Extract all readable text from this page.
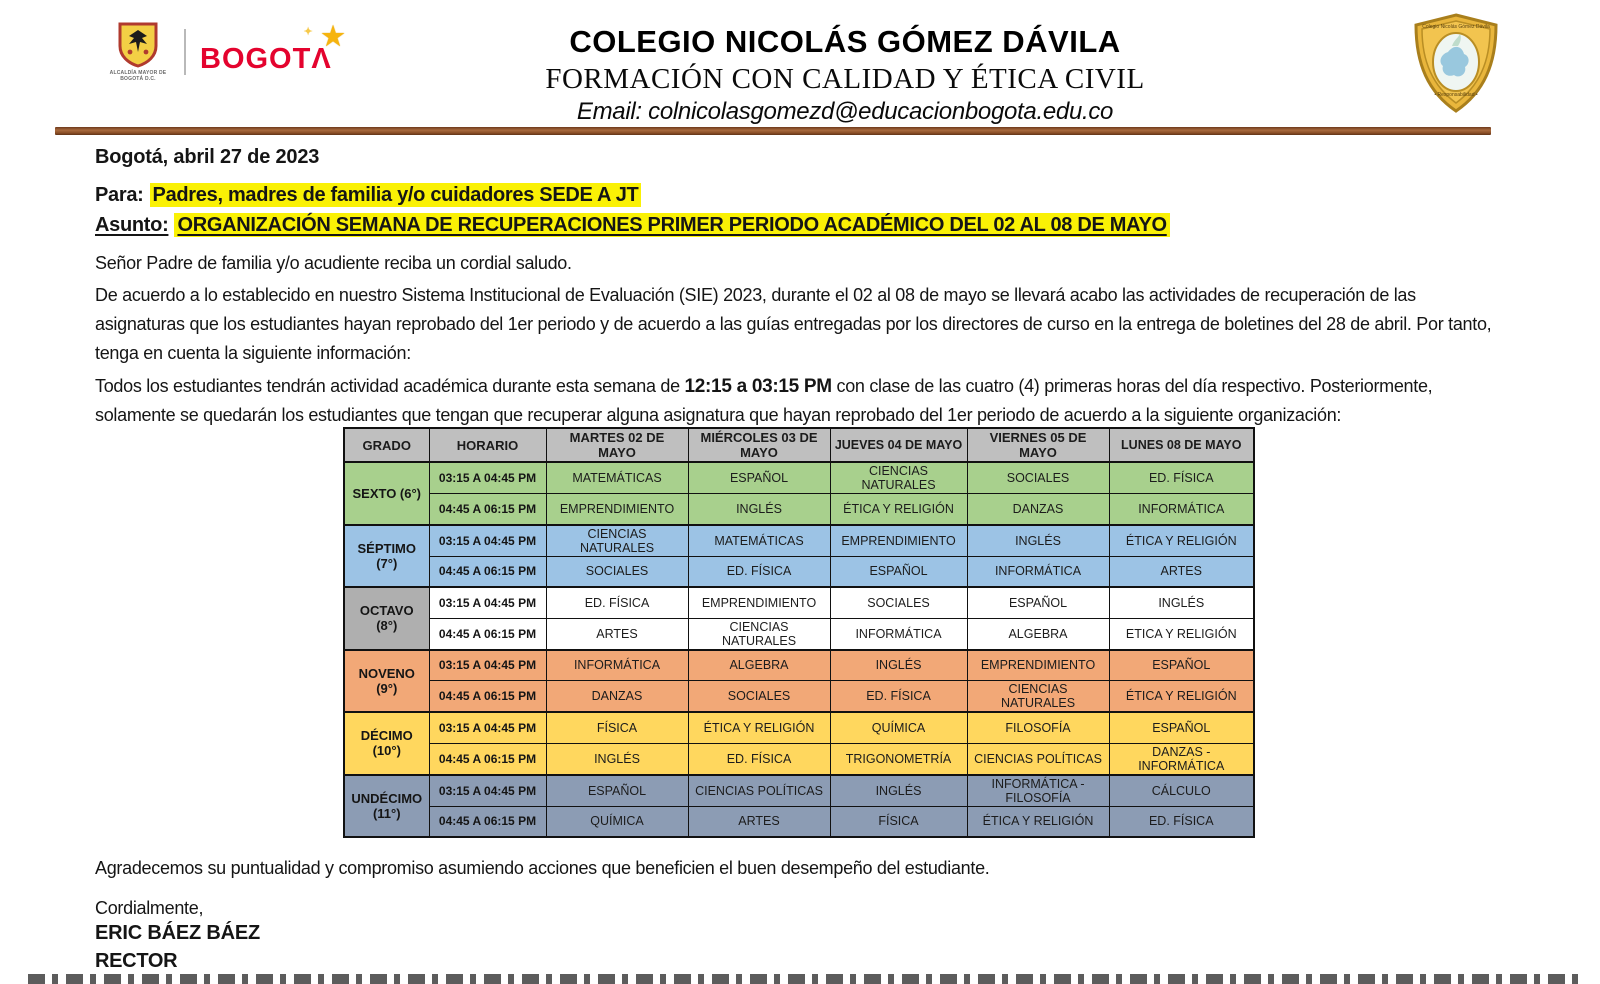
ALCALDÍA MAYOR DE BOGOTÁ D.C.
BOGOTΛ
★
✦	COLEGIO NICOLÁS GÓMEZ DÁVILA
FORMACIÓN CON CALIDAD Y ÉTICA CIVIL
Email: colnicolasgomezd@educacionbogota.edu.co
Colegio Nicolás Gómez Dávila
• Responsabilidad •
Bogotá, abril 27 de 2023
Para: Padres, madres de familia y/o cuidadores SEDE A JT
Asunto: ORGANIZACIÓN SEMANA DE RECUPERACIONES PRIMER PERIODO ACADÉMICO DEL 02 AL 08 DE MAYO
Señor Padre de familia y/o acudiente reciba un cordial saludo.
De acuerdo a lo establecido en nuestro Sistema Institucional de Evaluación (SIE) 2023, durante el 02 al 08 de mayo se llevará acabo las actividades de recuperación de las asignaturas que los estudiantes hayan reprobado del 1er periodo y de acuerdo a las guías entregadas por los directores de curso en la entrega de boletines del 28 de abril. Por tanto, tenga en cuenta la siguiente información:
Todos los estudiantes tendrán actividad académica durante esta semana de 12:15 a 03:15 PM con clase de las cuatro (4) primeras horas del día respectivo. Posteriormente, solamente se quedarán los estudiantes que tengan que recuperar alguna asignatura que hayan reprobado del 1er periodo de acuerdo a la siguiente organización:
GRADO	HORARIO	MARTES 02 DE MAYO	MIÉRCOLES 03 DE MAYO	JUEVES 04 DE MAYO	VIERNES 05 DE MAYO	LUNES 08 DE MAYO
SEXTO (6°)	03:15 A 04:45 PM	MATEMÁTICAS	ESPAÑOL	CIENCIAS NATURALES	SOCIALES	ED. FÍSICA
	04:45 A 06:15 PM	EMPRENDIMIENTO	INGLÉS	ÉTICA Y RELIGIÓN	DANZAS	INFORMÁTICA
SÉPTIMO (7°)	03:15 A 04:45 PM	CIENCIAS NATURALES	MATEMÁTICAS	EMPRENDIMIENTO	INGLÉS	ÉTICA Y RELIGIÓN
	04:45 A 06:15 PM	SOCIALES	ED. FÍSICA	ESPAÑOL	INFORMÁTICA	ARTES
OCTAVO (8°)	03:15 A 04:45 PM	ED. FÍSICA	EMPRENDIMIENTO	SOCIALES	ESPAÑOL	INGLÉS
	04:45 A 06:15 PM	ARTES	CIENCIAS NATURALES	INFORMÁTICA	ALGEBRA	ETICA Y RELIGIÓN
NOVENO (9°)	03:15 A 04:45 PM	INFORMÁTICA	ALGEBRA	INGLÉS	EMPRENDIMIENTO	ESPAÑOL
	04:45 A 06:15 PM	DANZAS	SOCIALES	ED. FÍSICA	CIENCIAS NATURALES	ÉTICA Y RELIGIÓN
DÉCIMO (10°)	03:15 A 04:45 PM	FÍSICA	ÉTICA Y RELIGIÓN	QUÍMICA	FILOSOFÍA	ESPAÑOL
	04:45 A 06:15 PM	INGLÉS	ED. FÍSICA	TRIGONOMETRÍA	CIENCIAS POLÍTICAS	DANZAS - INFORMÁTICA
UNDÉCIMO (11°)	03:15 A 04:45 PM	ESPAÑOL	CIENCIAS POLÍTICAS	INGLÉS	INFORMÁTICA - FILOSOFÍA	CÁLCULO
	04:45 A 06:15 PM	QUÍMICA	ARTES	FÍSICA	ÉTICA Y RELIGIÓN	ED. FÍSICA
Agradecemos su puntualidad y compromiso asumiendo acciones que beneficien el buen desempeño del estudiante.
Cordialmente,
ERIC BÁEZ BÁEZ
RECTOR
